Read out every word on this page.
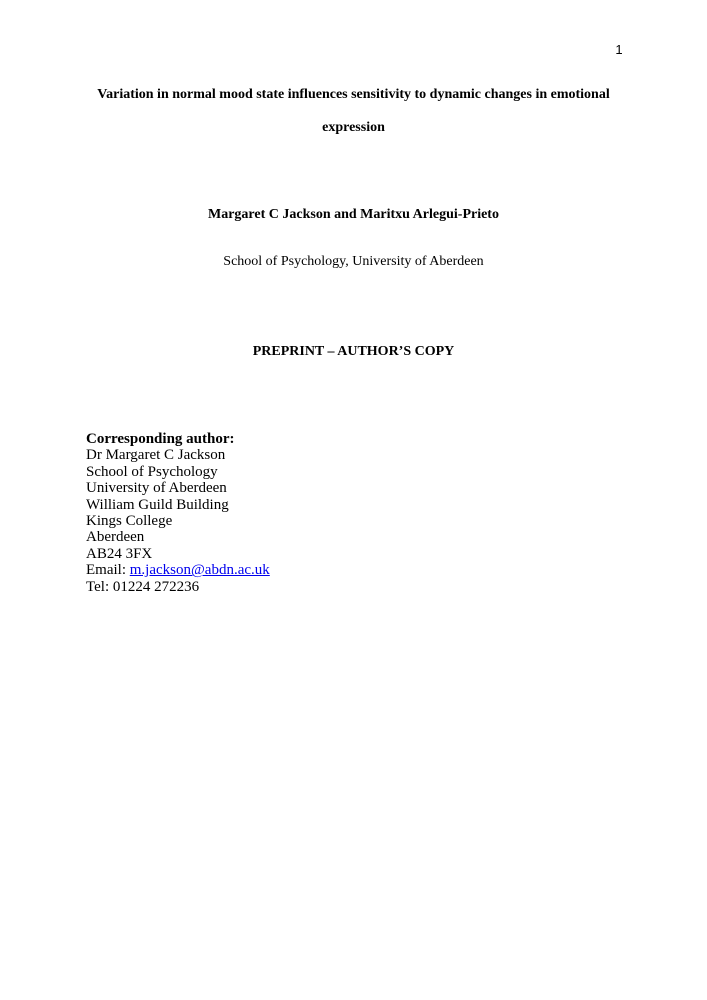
1
Variation in normal mood state influences sensitivity to dynamic changes in emotional
expression
Margaret C Jackson and Maritxu Arlegui-Prieto
School of Psychology, University of Aberdeen
PREPRINT – AUTHOR’S COPY
Corresponding author:
Dr Margaret C Jackson
School of Psychology
University of Aberdeen
William Guild Building
Kings College
Aberdeen
AB24 3FX
Email: m.jackson@abdn.ac.uk
Tel: 01224 272236
